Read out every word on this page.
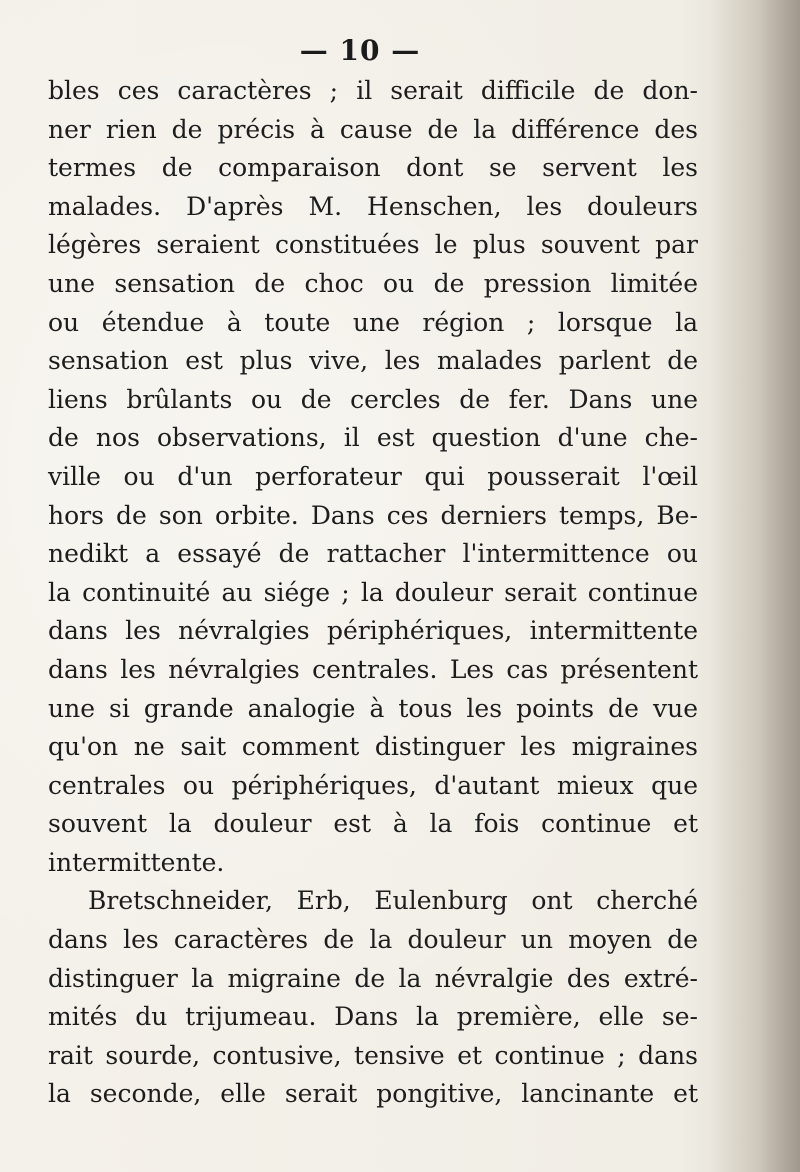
— 10 —
bles ces caractères ; il serait difficile de don-
ner rien de précis à cause de la différence des
termes de comparaison dont se servent les
malades. D'après M. Henschen, les douleurs
légères seraient constituées le plus souvent par
une sensation de choc ou de pression limitée
ou étendue à toute une région ; lorsque la
sensation est plus vive, les malades parlent de
liens brûlants ou de cercles de fer. Dans une
de nos observations, il est question d'une che-
ville ou d'un perforateur qui pousserait l'œil
hors de son orbite. Dans ces derniers temps, Be-
nedikt a essayé de rattacher l'intermittence ou
la continuité au siége ; la douleur serait continue
dans les névralgies périphériques, intermittente
dans les névralgies centrales. Les cas présentent
une si grande analogie à tous les points de vue
qu'on ne sait comment distinguer les migraines
centrales ou périphériques, d'autant mieux que
souvent la douleur est à la fois continue et
intermittente.
Bretschneider, Erb, Eulenburg ont cherché
dans les caractères de la douleur un moyen de
distinguer la migraine de la névralgie des extré-
mités du trijumeau. Dans la première, elle se-
rait sourde, contusive, tensive et continue ; dans
la seconde, elle serait pongitive, lancinante et
